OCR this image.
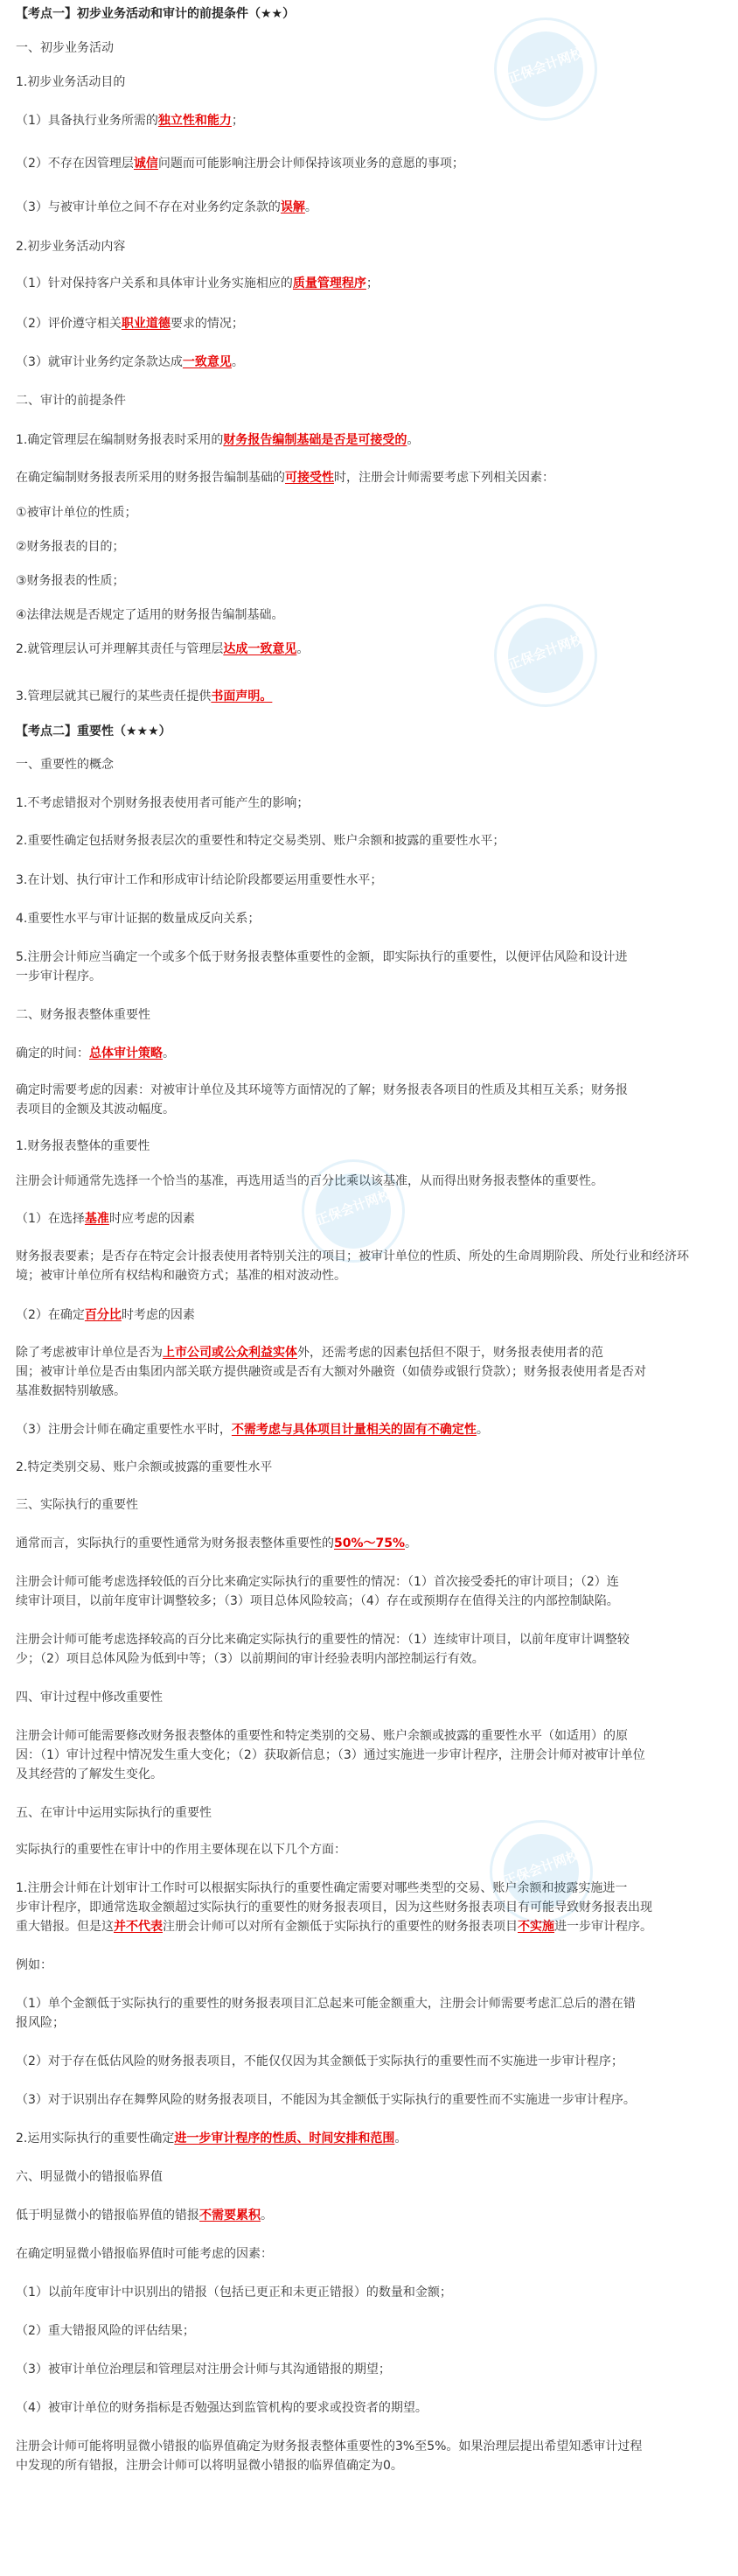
【考点一】初步业务活动和审计的前提条件（★★）
一、初步业务活动
1.初步业务活动目的
（1）具备执行业务所需的独立性和能力；
（2）不存在因管理层诚信问题而可能影响注册会计师保持该项业务的意愿的事项；
（3）与被审计单位之间不存在对业务约定条款的误解。
2.初步业务活动内容
（1）针对保持客户关系和具体审计业务实施相应的质量管理程序；
（2）评价遵守相关职业道德要求的情况；
（3）就审计业务约定条款达成一致意见。
二、审计的前提条件
1.确定管理层在编制财务报表时采用的财务报告编制基础是否是可接受的。
在确定编制财务报表所采用的财务报告编制基础的可接受性时，注册会计师需要考虑下列相关因素：
①被审计单位的性质；
②财务报表的目的；
③财务报表的性质；
④法律法规是否规定了适用的财务报告编制基础。
2.就管理层认可并理解其责任与管理层达成一致意见。
3.管理层就其已履行的某些责任提供书面声明。
【考点二】重要性（★★★）
一、重要性的概念
1.不考虑错报对个别财务报表使用者可能产生的影响；
2.重要性确定包括财务报表层次的重要性和特定交易类别、账户余额和披露的重要性水平；
3.在计划、执行审计工作和形成审计结论阶段都要运用重要性水平；
4.重要性水平与审计证据的数量成反向关系；
5.注册会计师应当确定一个或多个低于财务报表整体重要性的金额，即实际执行的重要性，以便评估风险和设计进
一步审计程序。
二、财务报表整体重要性
确定的时间：总体审计策略。
确定时需要考虑的因素：对被审计单位及其环境等方面情况的了解；财务报表各项目的性质及其相互关系；财务报
表项目的金额及其波动幅度。
1.财务报表整体的重要性
注册会计师通常先选择一个恰当的基准，再选用适当的百分比乘以该基准，从而得出财务报表整体的重要性。
（1）在选择基准时应考虑的因素
财务报表要素；是否存在特定会计报表使用者特别关注的项目；被审计单位的性质、所处的生命周期阶段、所处行业和经济环
境；被审计单位所有权结构和融资方式；基准的相对波动性。
（2）在确定百分比时考虑的因素
除了考虑被审计单位是否为上市公司或公众利益实体外，还需考虑的因素包括但不限于，财务报表使用者的范
围；被审计单位是否由集团内部关联方提供融资或是否有大额对外融资（如债券或银行贷款）；财务报表使用者是否对
基准数据特别敏感。
（3）注册会计师在确定重要性水平时，不需考虑与具体项目计量相关的固有不确定性。
2.特定类别交易、账户余额或披露的重要性水平
三、实际执行的重要性
通常而言，实际执行的重要性通常为财务报表整体重要性的50%～75%。
注册会计师可能考虑选择较低的百分比来确定实际执行的重要性的情况：（1）首次接受委托的审计项目；（2）连
续审计项目，以前年度审计调整较多；（3）项目总体风险较高；（4）存在或预期存在值得关注的内部控制缺陷。
注册会计师可能考虑选择较高的百分比来确定实际执行的重要性的情况：（1）连续审计项目，以前年度审计调整较
少；（2）项目总体风险为低到中等；（3）以前期间的审计经验表明内部控制运行有效。
四、审计过程中修改重要性
注册会计师可能需要修改财务报表整体的重要性和特定类别的交易、账户余额或披露的重要性水平（如适用）的原
因：（1）审计过程中情况发生重大变化；（2）获取新信息；（3）通过实施进一步审计程序，注册会计师对被审计单位
及其经营的了解发生变化。
五、在审计中运用实际执行的重要性
实际执行的重要性在审计中的作用主要体现在以下几个方面：
1.注册会计师在计划审计工作时可以根据实际执行的重要性确定需要对哪些类型的交易、账户余额和披露实施进一
步审计程序，即通常选取金额超过实际执行的重要性的财务报表项目，因为这些财务报表项目有可能导致财务报表出现
重大错报。但是这并不代表注册会计师可以对所有金额低于实际执行的重要性的财务报表项目不实施进一步审计程序。
例如：
（1）单个金额低于实际执行的重要性的财务报表项目汇总起来可能金额重大，注册会计师需要考虑汇总后的潜在错
报风险；
（2）对于存在低估风险的财务报表项目，不能仅仅因为其金额低于实际执行的重要性而不实施进一步审计程序；
（3）对于识别出存在舞弊风险的财务报表项目，不能因为其金额低于实际执行的重要性而不实施进一步审计程序。
2.运用实际执行的重要性确定进一步审计程序的性质、时间安排和范围。
六、明显微小的错报临界值
低于明显微小的错报临界值的错报不需要累积。
在确定明显微小错报临界值时可能考虑的因素：
（1）以前年度审计中识别出的错报（包括已更正和未更正错报）的数量和金额；
（2）重大错报风险的评估结果；
（3）被审计单位治理层和管理层对注册会计师与其沟通错报的期望；
（4）被审计单位的财务指标是否勉强达到监管机构的要求或投资者的期望。
注册会计师可能将明显微小错报的临界值确定为财务报表整体重要性的3%至5%。如果治理层提出希望知悉审计过程
中发现的所有错报，注册会计师可以将明显微小错报的临界值确定为0。
正保会计网校
正保会计网校
正保会计网校
正保会计网校
